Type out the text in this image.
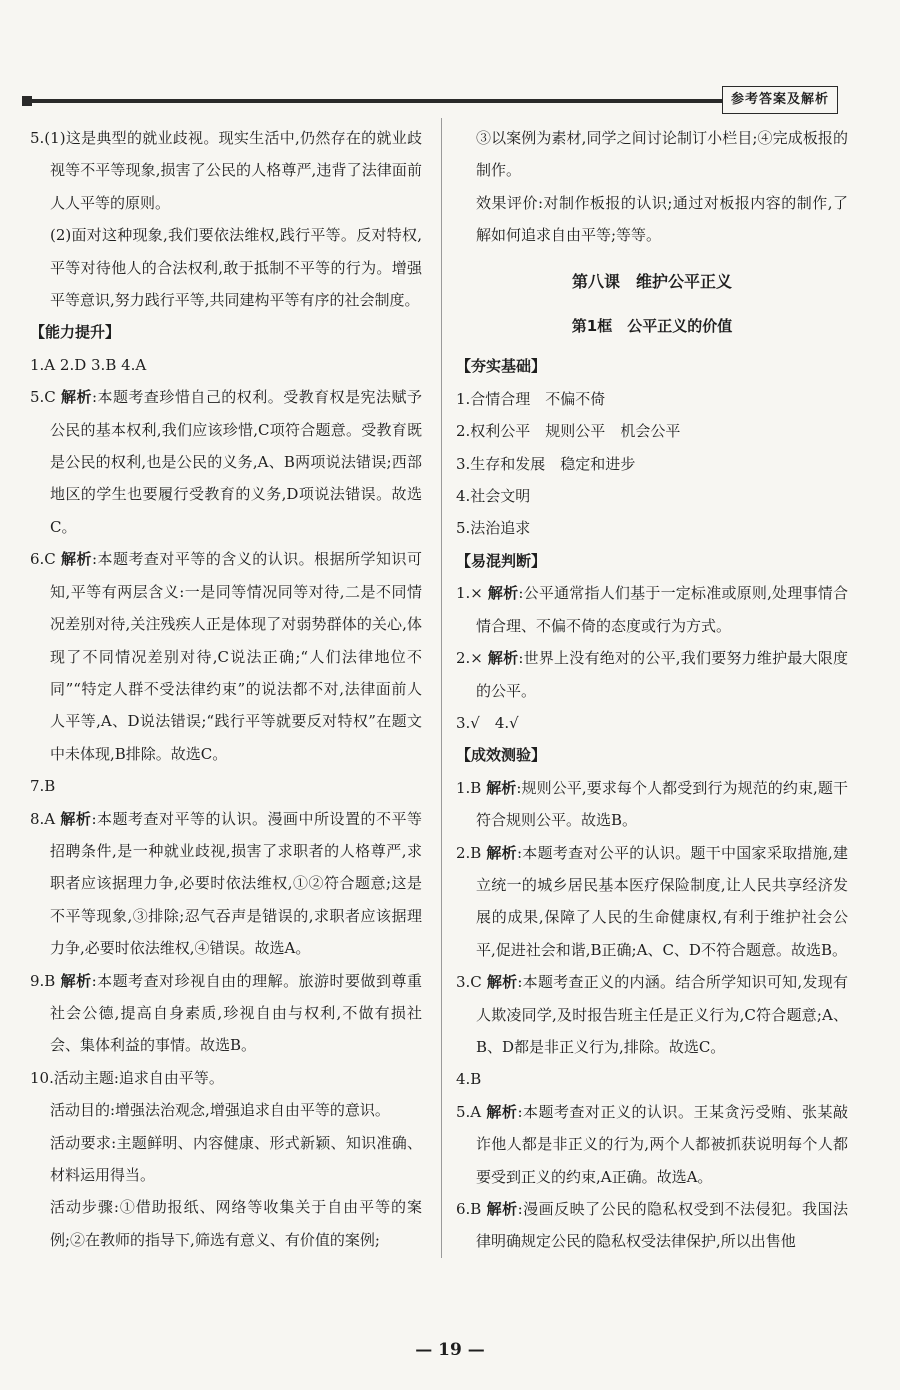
参考答案及解析

5.(1)这是典型的就业歧视。现实生活中,仍然存在的就业歧视等不平等现象,损害了公民的人格尊严,违背了法律面前人人平等的原则。

(2)面对这种现象,我们要依法维权,践行平等。反对特权,平等对待他人的合法权利,敢于抵制不平等的行为。增强平等意识,努力践行平等,共同建构平等有序的社会制度。

【能力提升】

1.A 2.D 3.B 4.A

5.C 解析:本题考查珍惜自己的权利。受教育权是宪法赋予公民的基本权利,我们应该珍惜,C项符合题意。受教育既是公民的权利,也是公民的义务,A、B两项说法错误;西部地区的学生也要履行受教育的义务,D项说法错误。故选C。

6.C 解析:本题考查对平等的含义的认识。根据所学知识可知,平等有两层含义:一是同等情况同等对待,二是不同情况差别对待,关注残疾人正是体现了对弱势群体的关心,体现了不同情况差别对待,C说法正确;“人们法律地位不同”“特定人群不受法律约束”的说法都不对,法律面前人人平等,A、D说法错误;“践行平等就要反对特权”在题文中未体现,B排除。故选C。

7.B

8.A 解析:本题考查对平等的认识。漫画中所设置的不平等招聘条件,是一种就业歧视,损害了求职者的人格尊严,求职者应该据理力争,必要时依法维权,①②符合题意;这是不平等现象,③排除;忍气吞声是错误的,求职者应该据理力争,必要时依法维权,④错误。故选A。

9.B 解析:本题考查对珍视自由的理解。旅游时要做到尊重社会公德,提高自身素质,珍视自由与权利,不做有损社会、集体利益的事情。故选B。

10.活动主题:追求自由平等。

活动目的:增强法治观念,增强追求自由平等的意识。

活动要求:主题鲜明、内容健康、形式新颖、知识准确、材料运用得当。

活动步骤:①借助报纸、网络等收集关于自由平等的案例;②在教师的指导下,筛选有意义、有价值的案例;

③以案例为素材,同学之间讨论制订小栏目;④完成板报的制作。

效果评价:对制作板报的认识;通过对板报内容的制作,了解如何追求自由平等;等等。

第八课　维护公平正义

第1框　公平正义的价值

【夯实基础】

1.合情合理　不偏不倚

2.权利公平　规则公平　机会公平

3.生存和发展　稳定和进步

4.社会文明

5.法治追求

【易混判断】

1.× 解析:公平通常指人们基于一定标准或原则,处理事情合情合理、不偏不倚的态度或行为方式。

2.× 解析:世界上没有绝对的公平,我们要努力维护最大限度的公平。

3.√　4.√

【成效测验】

1.B 解析:规则公平,要求每个人都受到行为规范的约束,题干符合规则公平。故选B。

2.B 解析:本题考查对公平的认识。题干中国家采取措施,建立统一的城乡居民基本医疗保险制度,让人民共享经济发展的成果,保障了人民的生命健康权,有利于维护社会公平,促进社会和谐,B正确;A、C、D不符合题意。故选B。

3.C 解析:本题考查正义的内涵。结合所学知识可知,发现有人欺凌同学,及时报告班主任是正义行为,C符合题意;A、B、D都是非正义行为,排除。故选C。

4.B

5.A 解析:本题考查对正义的认识。王某贪污受贿、张某敲诈他人都是非正义的行为,两个人都被抓获说明每个人都要受到正义的约束,A正确。故选A。

6.B 解析:漫画反映了公民的隐私权受到不法侵犯。我国法律明确规定公民的隐私权受法律保护,所以出售他

— 19 —
